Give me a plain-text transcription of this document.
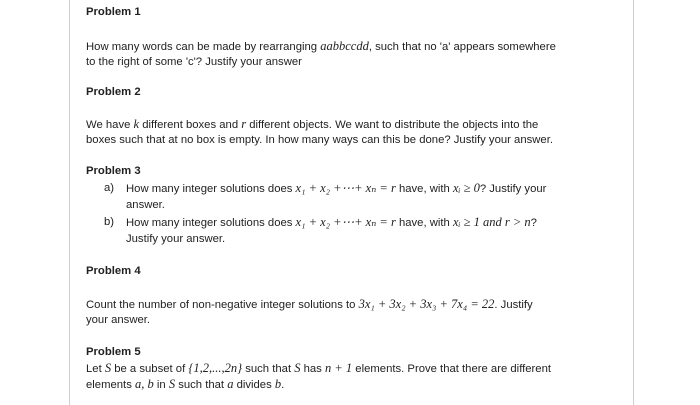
Problem 1
How many words can be made by rearranging aabbccdd, such that no 'a' appears somewhere
to the right of some 'c'? Justify your answer
Problem 2
We have k different boxes and r different objects. We want to distribute the objects into the
boxes such that at no box is empty. In how many ways can this be done? Justify your answer.
Problem 3
a) How many integer solutions does x₁ + x₂ +⋯+ xₙ = r have, with xᵢ ≥ 0? Justify your
answer.
b) How many integer solutions does x₁ + x₂ +⋯+ xₙ = r have, with xᵢ ≥ 1 and r > n?
Justify your answer.
Problem 4
Count the number of non-negative integer solutions to 3x₁ + 3x₂ + 3x₃ + 7x₄ = 22. Justify
your answer.
Problem 5
Let S be a subset of {1,2,...,2n} such that S has n + 1 elements. Prove that there are different
elements a, b in S such that a divides b.
